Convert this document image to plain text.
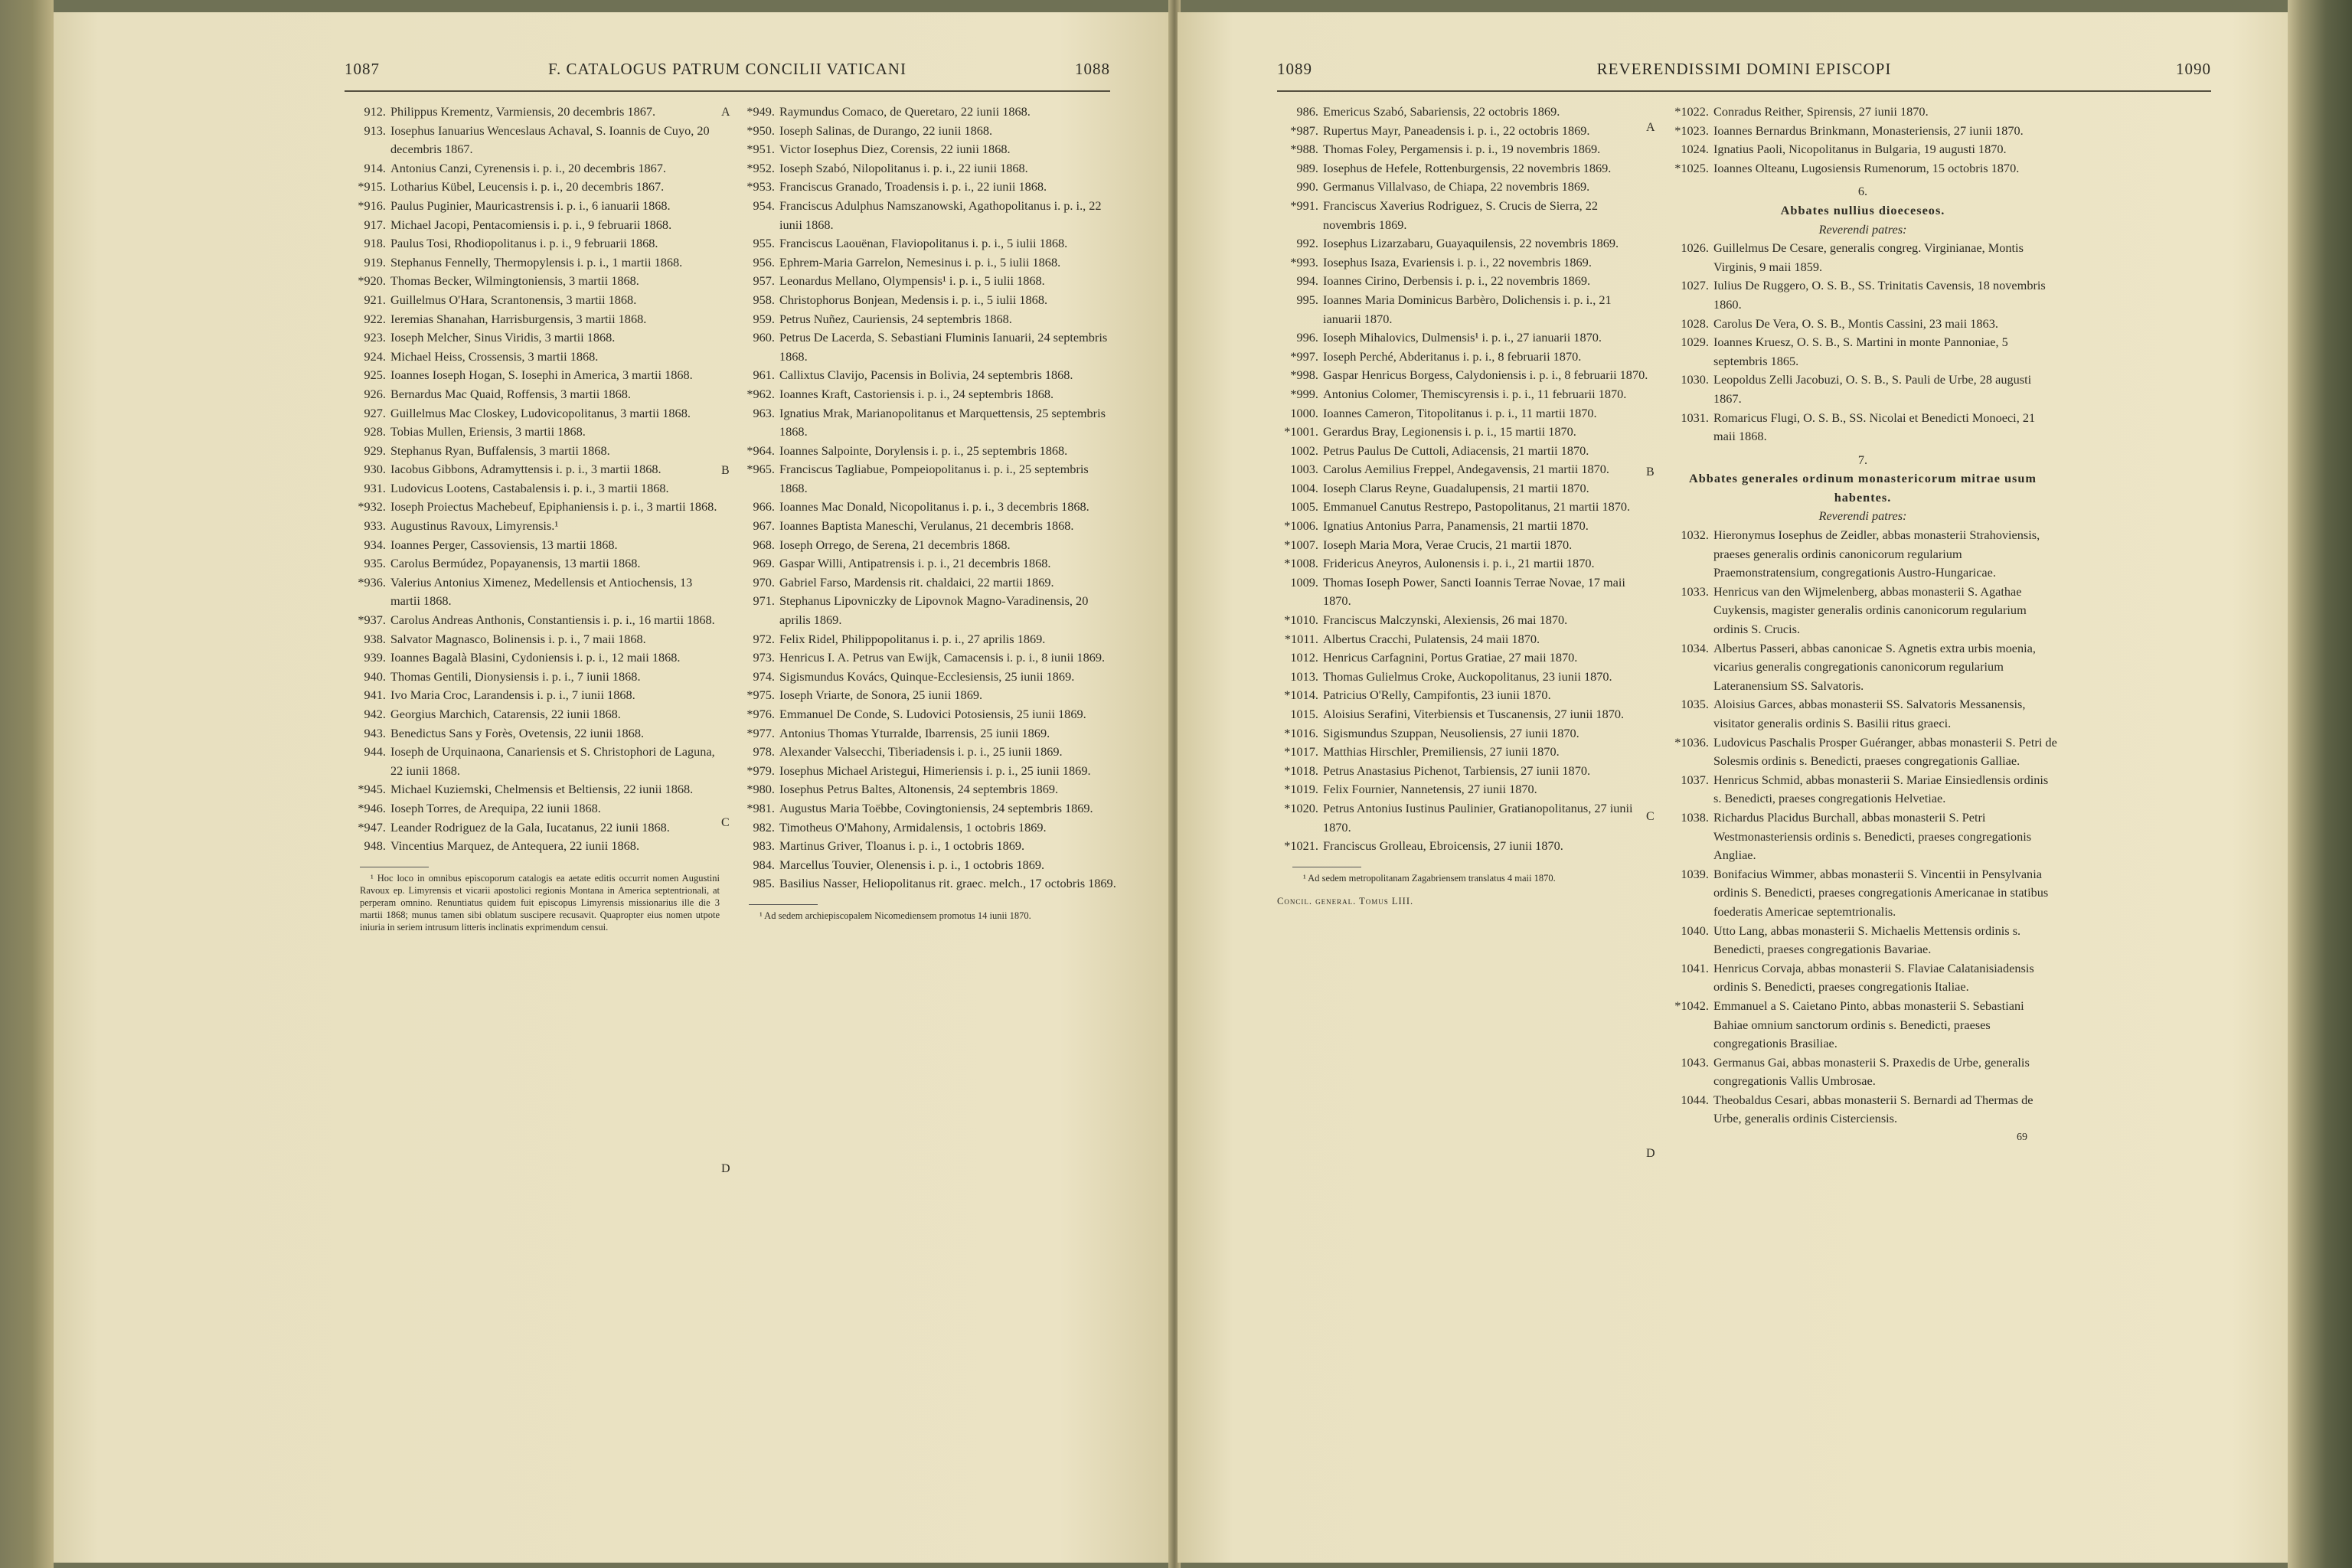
1087	F. CATALOGUS PATRUM CONCILII VATICANI	1088
912. Philippus Krementz, Varmiensis, 20 decembris 1867.
913. Iosephus Ianuarius Wenceslaus Achaval, S. Ioannis de Cuyo, 20 decembris 1867.
914. Antonius Canzi, Cyrenensis i. p. i., 20 decembris 1867.
*915. Lotharius Kübel, Leucensis i. p. i., 20 decembris 1867.
*916. Paulus Puginier, Mauricastrensis i. p. i., 6 ianuarii 1868.
917. Michael Jacopi, Pentacomiensis i. p. i., 9 februarii 1868.
918. Paulus Tosi, Rhodiopolitanus i. p. i., 9 februarii 1868.
919. Stephanus Fennelly, Thermopylensis i. p. i., 1 martii 1868.
*920. Thomas Becker, Wilmingtoniensis, 3 martii 1868.
921. Guillelmus O'Hara, Scrantonensis, 3 martii 1868.
922. Ieremias Shanahan, Harrisburgensis, 3 martii 1868.
923. Ioseph Melcher, Sinus Viridis, 3 martii 1868.
924. Michael Heiss, Crossensis, 3 martii 1868.
925. Ioannes Ioseph Hogan, S. Iosephi in America, 3 martii 1868.
926. Bernardus Mac Quaid, Roffensis, 3 martii 1868.
927. Guillelmus Mac Closkey, Ludovicopolitanus, 3 martii 1868.
928. Tobias Mullen, Eriensis, 3 martii 1868.
929. Stephanus Ryan, Buffalensis, 3 martii 1868.
930. Iacobus Gibbons, Adramyttensis i. p. i., 3 martii 1868.
931. Ludovicus Lootens, Castabalensis i. p. i., 3 martii 1868.
*932. Ioseph Proiectus Machebeuf, Epiphaniensis i. p. i., 3 martii 1868.
933. Augustinus Ravoux, Limyrensis.¹
934. Ioannes Perger, Cassoviensis, 13 martii 1868.
935. Carolus Bermúdez, Popayanensis, 13 martii 1868.
*936. Valerius Antonius Ximenez, Medellensis et Antiochensis, 13 martii 1868.
*937. Carolus Andreas Anthonis, Constantiensis i. p. i., 16 martii 1868.
938. Salvator Magnasco, Bolinensis i. p. i., 7 maii 1868.
939. Ioannes Bagalà Blasini, Cydoniensis i. p. i., 12 maii 1868.
940. Thomas Gentili, Dionysiensis i. p. i., 7 iunii 1868.
941. Ivo Maria Croc, Larandensis i. p. i., 7 iunii 1868.
942. Georgius Marchich, Catarensis, 22 iunii 1868.
943. Benedictus Sans y Forès, Ovetensis, 22 iunii 1868.
944. Ioseph de Urquinaona, Canariensis et S. Christophori de Laguna, 22 iunii 1868.
*945. Michael Kuziemski, Chelmensis et Beltiensis, 22 iunii 1868.
*946. Ioseph Torres, de Arequipa, 22 iunii 1868.
*947. Leander Rodriguez de la Gala, Iucatanus, 22 iunii 1868.
948. Vincentius Marquez, de Antequera, 22 iunii 1868.
¹ Hoc loco in omnibus episcoporum catalogis ea aetate editis occurrit nomen Augustini Ravoux ep. Limyrensis et vicarii apostolici regionis Montana in America septentrionali, at perperam omnino. Renuntiatus quidem fuit episcopus Limyrensis missionarius ille die 3 martii 1868; munus tamen sibi oblatum suscipere recusavit. Quapropter eius nomen utpote iniuria in seriem intrusum litteris inclinatis exprimendum censui.
*949. Raymundus Comaco, de Queretaro, 22 iunii 1868.
*950. Ioseph Salinas, de Durango, 22 iunii 1868.
*951. Victor Iosephus Diez, Corensis, 22 iunii 1868.
*952. Ioseph Szabó, Nilopolitanus i. p. i., 22 iunii 1868.
*953. Franciscus Granado, Troadensis i. p. i., 22 iunii 1868.
954. Franciscus Adulphus Namszanowski, Agathopolitanus i. p. i., 22 iunii 1868.
955. Franciscus Laouënan, Flaviopolitanus i. p. i., 5 iulii 1868.
956. Ephrem-Maria Garrelon, Nemesinus i. p. i., 5 iulii 1868.
957. Leonardus Mellano, Olympensis¹ i. p. i., 5 iulii 1868.
958. Christophorus Bonjean, Medensis i. p. i., 5 iulii 1868.
959. Petrus Nuñez, Cauriensis, 24 septembris 1868.
960. Petrus De Lacerda, S. Sebastiani Fluminis Ianuarii, 24 septembris 1868.
961. Callixtus Clavijo, Pacensis in Bolivia, 24 septembris 1868.
*962. Ioannes Kraft, Castoriensis i. p. i., 24 septembris 1868.
963. Ignatius Mrak, Marianopolitanus et Marquettensis, 25 septembris 1868.
*964. Ioannes Salpointe, Dorylensis i. p. i., 25 septembris 1868.
*965. Franciscus Tagliabue, Pompeiopolitanus i. p. i., 25 septembris 1868.
966. Ioannes Mac Donald, Nicopolitanus i. p. i., 3 decembris 1868.
967. Ioannes Baptista Maneschi, Verulanus, 21 decembris 1868.
968. Ioseph Orrego, de Serena, 21 decembris 1868.
969. Gaspar Willi, Antipatrensis i. p. i., 21 decembris 1868.
970. Gabriel Farso, Mardensis rit. chaldaici, 22 martii 1869.
971. Stephanus Lipovniczky de Lipovnok Magno-Varadinensis, 20 aprilis 1869.
972. Felix Ridel, Philippopolitanus i. p. i., 27 aprilis 1869.
973. Henricus I. A. Petrus van Ewijk, Camacensis i. p. i., 8 iunii 1869.
974. Sigismundus Kovács, Quinque-Ecclesiensis, 25 iunii 1869.
*975. Ioseph Vriarte, de Sonora, 25 iunii 1869.
*976. Emmanuel De Conde, S. Ludovici Potosiensis, 25 iunii 1869.
*977. Antonius Thomas Yturralde, Ibarrensis, 25 iunii 1869.
978. Alexander Valsecchi, Tiberiadensis i. p. i., 25 iunii 1869.
*979. Iosephus Michael Aristegui, Himeriensis i. p. i., 25 iunii 1869.
*980. Iosephus Petrus Baltes, Altonensis, 24 septembris 1869.
*981. Augustus Maria Toëbbe, Covingtoniensis, 24 septembris 1869.
982. Timotheus O'Mahony, Armidalensis, 1 octobris 1869.
983. Martinus Griver, Tloanus i. p. i., 1 octobris 1869.
984. Marcellus Touvier, Olenensis i. p. i., 1 octobris 1869.
985. Basilius Nasser, Heliopolitanus rit. graec. melch., 17 octobris 1869.
¹ Ad sedem archiepiscopalem Nicomediensem promotus 14 iunii 1870.
A
B
C
D
1089	REVERENDISSIMI DOMINI EPISCOPI	1090
986. Emericus Szabó, Sabariensis, 22 octobris 1869.
*987. Rupertus Mayr, Paneadensis i. p. i., 22 octobris 1869.
*988. Thomas Foley, Pergamensis i. p. i., 19 novembris 1869.
989. Iosephus de Hefele, Rottenburgensis, 22 novembris 1869.
990. Germanus Villalvaso, de Chiapa, 22 novembris 1869.
*991. Franciscus Xaverius Rodriguez, S. Crucis de Sierra, 22 novembris 1869.
992. Iosephus Lizarzabaru, Guayaquilensis, 22 novembris 1869.
*993. Iosephus Isaza, Evariensis i. p. i., 22 novembris 1869.
994. Ioannes Cirino, Derbensis i. p. i., 22 novembris 1869.
995. Ioannes Maria Dominicus Barbèro, Dolichensis i. p. i., 21 ianuarii 1870.
996. Ioseph Mihalovics, Dulmensis¹ i. p. i., 27 ianuarii 1870.
*997. Ioseph Perché, Abderitanus i. p. i., 8 februarii 1870.
*998. Gaspar Henricus Borgess, Calydoniensis i. p. i., 8 februarii 1870.
*999. Antonius Colomer, Themiscyrensis i. p. i., 11 februarii 1870.
1000. Ioannes Cameron, Titopolitanus i. p. i., 11 martii 1870.
*1001. Gerardus Bray, Legionensis i. p. i., 15 martii 1870.
1002. Petrus Paulus De Cuttoli, Adiacensis, 21 martii 1870.
1003. Carolus Aemilius Freppel, Andegavensis, 21 martii 1870.
1004. Ioseph Clarus Reyne, Guadalupensis, 21 martii 1870.
1005. Emmanuel Canutus Restrepo, Pastopolitanus, 21 martii 1870.
*1006. Ignatius Antonius Parra, Panamensis, 21 martii 1870.
*1007. Ioseph Maria Mora, Verae Crucis, 21 martii 1870.
*1008. Fridericus Aneyros, Aulonensis i. p. i., 21 martii 1870.
1009. Thomas Ioseph Power, Sancti Ioannis Terrae Novae, 17 maii 1870.
*1010. Franciscus Malczynski, Alexiensis, 26 mai 1870.
*1011. Albertus Cracchi, Pulatensis, 24 maii 1870.
1012. Henricus Carfagnini, Portus Gratiae, 27 maii 1870.
1013. Thomas Gulielmus Croke, Auckopolitanus, 23 iunii 1870.
*1014. Patricius O'Relly, Campifontis, 23 iunii 1870.
1015. Aloisius Serafini, Viterbiensis et Tuscanensis, 27 iunii 1870.
*1016. Sigismundus Szuppan, Neusoliensis, 27 iunii 1870.
*1017. Matthias Hirschler, Premiliensis, 27 iunii 1870.
*1018. Petrus Anastasius Pichenot, Tarbiensis, 27 iunii 1870.
*1019. Felix Fournier, Nannetensis, 27 iunii 1870.
*1020. Petrus Antonius Iustinus Paulinier, Gratianopolitanus, 27 iunii 1870.
*1021. Franciscus Grolleau, Ebroicensis, 27 iunii 1870.
¹ Ad sedem metropolitanam Zagabriensem translatus 4 maii 1870.
Concil. general. Tomus LIII.
*1022. Conradus Reither, Spirensis, 27 iunii 1870.
*1023. Ioannes Bernardus Brinkmann, Monasteriensis, 27 iunii 1870.
1024. Ignatius Paoli, Nicopolitanus in Bulgaria, 19 augusti 1870.
*1025. Ioannes Olteanu, Lugosiensis Rumenorum, 15 octobris 1870.
6.
Abbates nullius dioeceseos.
Reverendi patres:
1026. Guillelmus De Cesare, generalis congreg. Virginianae, Montis Virginis, 9 maii 1859.
1027. Iulius De Ruggero, O. S. B., SS. Trinitatis Cavensis, 18 novembris 1860.
1028. Carolus De Vera, O. S. B., Montis Cassini, 23 maii 1863.
1029. Ioannes Kruesz, O. S. B., S. Martini in monte Pannoniae, 5 septembris 1865.
1030. Leopoldus Zelli Jacobuzi, O. S. B., S. Pauli de Urbe, 28 augusti 1867.
1031. Romaricus Flugi, O. S. B., SS. Nicolai et Benedicti Monoeci, 21 maii 1868.
7.
Abbates generales ordinum monastericorum mitrae usum habentes.
Reverendi patres:
1032. Hieronymus Iosephus de Zeidler, abbas monasterii Strahoviensis, praeses generalis ordinis canonicorum regularium Praemonstratensium, congregationis Austro-Hungaricae.
1033. Henricus van den Wijmelenberg, abbas monasterii S. Agathae Cuykensis, magister generalis ordinis canonicorum regularium ordinis S. Crucis.
1034. Albertus Passeri, abbas canonicae S. Agnetis extra urbis moenia, vicarius generalis congregationis canonicorum regularium Lateranensium SS. Salvatoris.
1035. Aloisius Garces, abbas monasterii SS. Salvatoris Messanensis, visitator generalis ordinis S. Basilii ritus graeci.
*1036. Ludovicus Paschalis Prosper Guéranger, abbas monasterii S. Petri de Solesmis ordinis s. Benedicti, praeses congregationis Galliae.
1037. Henricus Schmid, abbas monasterii S. Mariae Einsiedlensis ordinis s. Benedicti, praeses congregationis Helvetiae.
1038. Richardus Placidus Burchall, abbas monasterii S. Petri Westmonasteriensis ordinis s. Benedicti, praeses congregationis Angliae.
1039. Bonifacius Wimmer, abbas monasterii S. Vincentii in Pensylvania ordinis S. Benedicti, praeses congregationis Americanae in statibus foederatis Americae septemtrionalis.
1040. Utto Lang, abbas monasterii S. Michaelis Mettensis ordinis s. Benedicti, praeses congregationis Bavariae.
1041. Henricus Corvaja, abbas monasterii S. Flaviae Calatanisiadensis ordinis S. Benedicti, praeses congregationis Italiae.
*1042. Emmanuel a S. Caietano Pinto, abbas monasterii S. Sebastiani Bahiae omnium sanctorum ordinis s. Benedicti, praeses congregationis Brasiliae.
1043. Germanus Gai, abbas monasterii S. Praxedis de Urbe, generalis congregationis Vallis Umbrosae.
1044. Theobaldus Cesari, abbas monasterii S. Bernardi ad Thermas de Urbe, generalis ordinis Cisterciensis.
69
A
B
C
D
